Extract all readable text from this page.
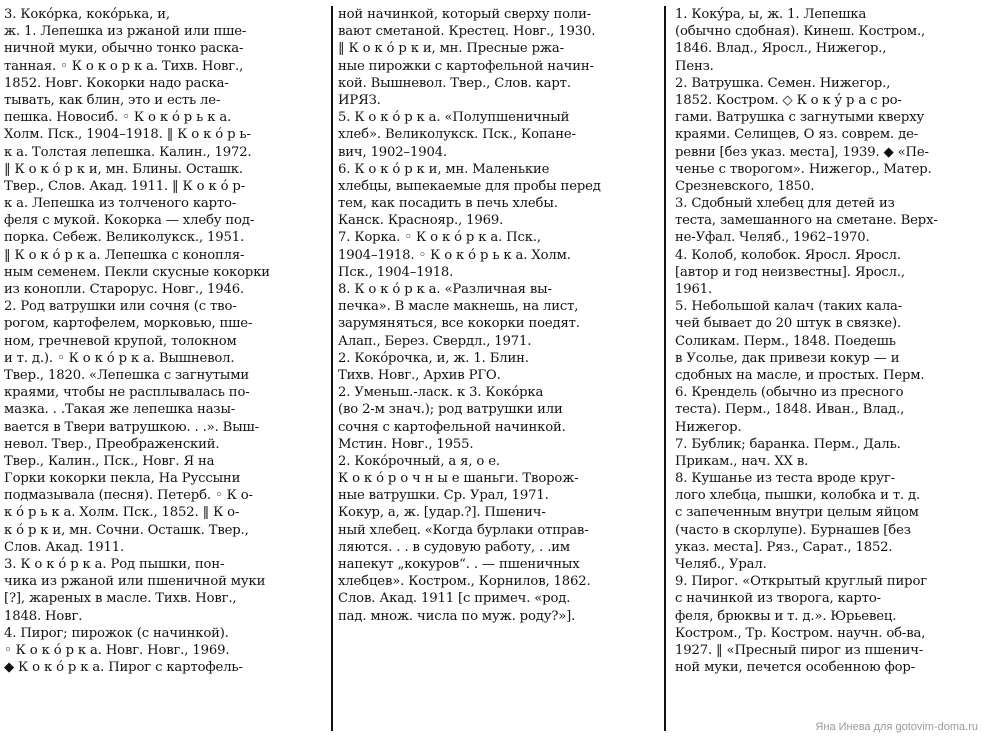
3. Кокóрка, кокóрька, и,
ж. 1. Лепешка из ржаной или пше-
ничной муки, обычно тонко раска-
танная. ◦ К о к о р к а. Тихв. Новг.,
1852. Новг. Кокорки надо раска-
тывать, как блин, это и есть ле-
пешка. Новосиб. ◦ К о к ó р ь к а.
Холм. Пск., 1904–1918. ‖ К о к ó р ь-
к а. Толстая лепешка. Калин., 1972.
‖ К о к ó р к и, мн. Блины. Осташк.
Твер., Слов. Акад. 1911. ‖ К о к ó р-
к а. Лепешка из толченого карто-
феля с мукой. Кокорка — хлебу под-
порка. Себеж. Великолукск., 1951.
‖ К о к ó р к а. Лепешка с конопля-
ным семенем. Пекли скусные кокорки
из конопли. Старорус. Новг., 1946.
2. Род ватрушки или сочня (с тво-
рогом, картофелем, морковью, пше-
ном, гречневой крупой, толокном
и т. д.). ◦ К о к ó р к а. Вышневол.
Твер., 1820. «Лепешка с загнутыми
краями, чтобы не расплывалась по-
мазка. . .Такая же лепешка назы-
вается в Твери ватрушкою. . .». Выш-
невол. Твер., Преображенский.
Твер., Калин., Пск., Новг. Я на
Горки кокорки пекла, На Руссыни
подмазывала (песня). Петерб. ◦ К о-
к ó р ь к а. Холм. Пск., 1852. ‖ К о-
к ó р к и, мн. Сочни. Осташк. Твер.,
Слов. Акад. 1911.
3. К о к ó р к а. Род пышки, пон-
чика из ржаной или пшеничной муки
[?], жареных в масле. Тихв. Новг.,
1848. Новг.
4. Пирог; пирожок (с начинкой).
◦ К о к ó р к а. Новг. Новг., 1969.
◆ К о к ó р к а. Пирог с картофель-
ной начинкой, который сверху поли-
вают сметаной. Крестец. Новг., 1930.
‖ К о к ó р к и, мн. Пресные ржа-
ные пирожки с картофельной начин-
кой. Вышневол. Твер., Слов. карт.
ИРЯЗ.
5. К о к ó р к а. «Полупшеничный
хлеб». Великолукск. Пск., Копане-
вич, 1902–1904.
6. К о к ó р к и, мн. Маленькие
хлебцы, выпекаемые для пробы перед
тем, как посадить в печь хлебы.
Канск. Краснояр., 1969.
7. Корка. ◦ К о к ó р к а. Пск.,
1904–1918. ◦ К о к ó р ь к а. Холм.
Пск., 1904–1918.
8. К о к ó р к а. «Различная вы-
печка». В масле макнешь, на лист,
зарумяняться, все кокорки поедят.
Алап., Берез. Свердл., 1971.
2. Кокóрочка, и, ж. 1. Блин.
Тихв. Новг., Архив РГО.
2. Уменьш.-ласк. к 3. Кокóрка
(во 2-м знач.); род ватрушки или
сочня с картофельной начинкой.
Мстин. Новг., 1955.
2. Кокóрочный, а я, о е.
К о к ó р о ч н ы е шаньги. Творож-
ные ватрушки. Ср. Урал, 1971.
Кокур, а, ж. [удар.?]. Пшенич-
ный хлебец. «Когда бурлаки отправ-
ляются. . . в судовую работу, . .им
напекут „кокуров“. . — пшеничных
хлебцев». Костром., Корнилов, 1862.
Слов. Акад. 1911 [с примеч. «род.
пад. множ. числа по муж. роду?»].
1. Кокýра, ы, ж. 1. Лепешка
(обычно сдобная). Кинеш. Костром.,
1846. Влад., Яросл., Нижегор.,
Пенз.
2. Ватрушка. Семен. Нижегор.,
1852. Костром. ◇ К о к ý р а с ро-
гами. Ватрушка с загнутыми кверху
краями. Селищев, О яз. соврем. де-
ревни [без указ. места], 1939. ◆ «Пе-
ченье с творогом». Нижегор., Матер.
Срезневского, 1850.
3. Сдобный хлебец для детей из
теста, замешанного на сметане. Верх-
не-Уфал. Челяб., 1962–1970.
4. Колоб, колобок. Яросл. Яросл.
[автор и год неизвестны]. Яросл.,
1961.
5. Небольшой калач (таких кала-
чей бывает до 20 штук в связке).
Соликам. Перм., 1848. Поедешь
в Усолье, дак привези кокур — и
сдобных на масле, и простых. Перм.
6. Крендель (обычно из пресного
теста). Перм., 1848. Иван., Влад.,
Нижегор.
7. Бублик; баранка. Перм., Даль.
Прикам., нач. XX в.
8. Кушанье из теста вроде круг-
лого хлебца, пышки, колобка и т. д.
с запеченным внутри целым яйцом
(часто в скорлупе). Бурнашев [без
указ. места]. Ряз., Сарат., 1852.
Челяб., Урал.
9. Пирог. «Открытый круглый пирог
с начинкой из творога, карто-
феля, брюквы и т. д.». Юрьевец.
Костром., Тр. Костром. научн. об-ва,
1927. ‖ «Пресный пирог из пшенич-
ной муки, печется особенною фор-
Яна Инева для gotovim-doma.ru
